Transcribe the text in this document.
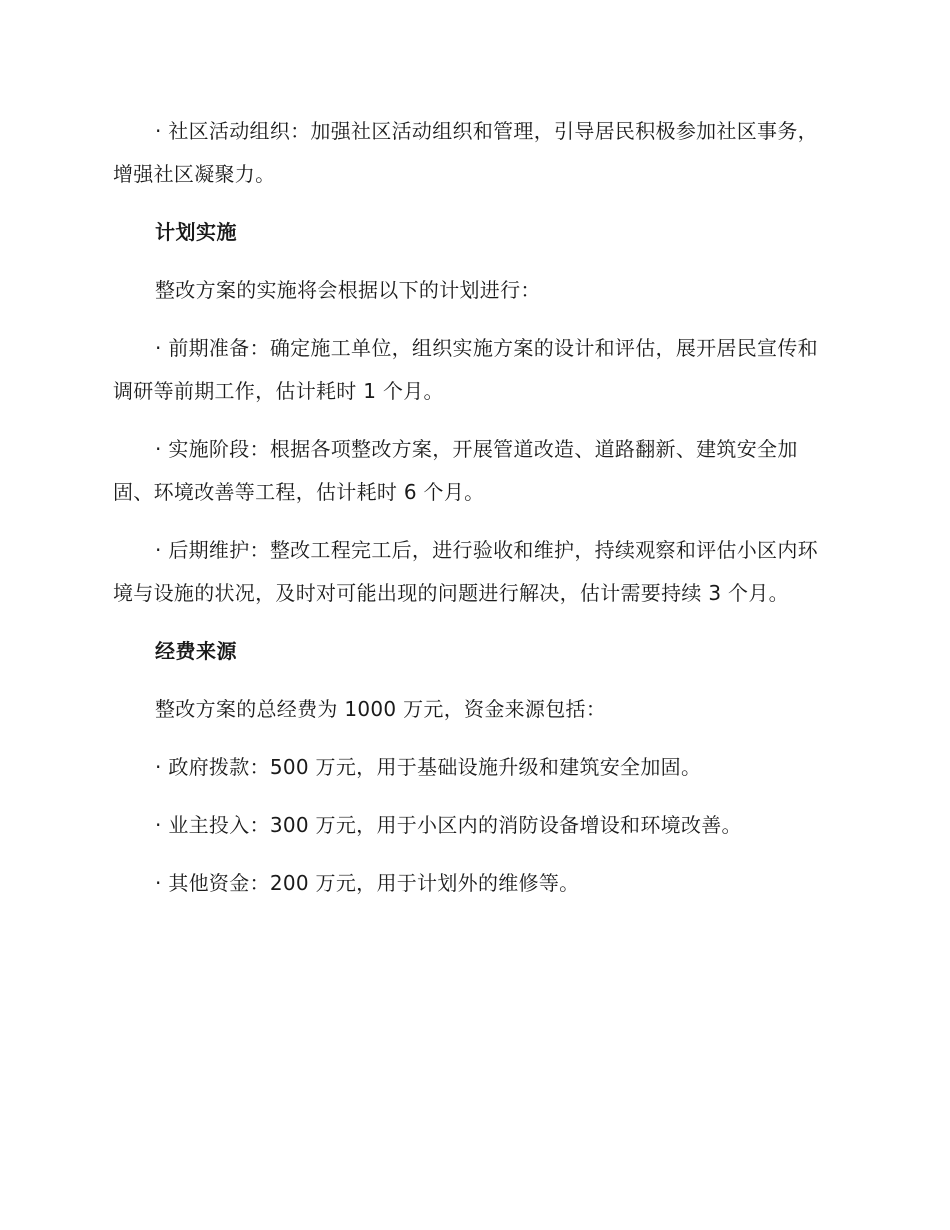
· 社区活动组织：加强社区活动组织和管理，引导居民积极参加社区事务，增强社区凝聚力。

计划实施

整改方案的实施将会根据以下的计划进行：

· 前期准备：确定施工单位，组织实施方案的设计和评估，展开居民宣传和调研等前期工作，估计耗时 1 个月。

· 实施阶段：根据各项整改方案，开展管道改造、道路翻新、建筑安全加固、环境改善等工程，估计耗时 6 个月。

· 后期维护：整改工程完工后，进行验收和维护，持续观察和评估小区内环境与设施的状况，及时对可能出现的问题进行解决，估计需要持续 3 个月。

经费来源

整改方案的总经费为 1000 万元，资金来源包括：

· 政府拨款：500 万元，用于基础设施升级和建筑安全加固。

· 业主投入：300 万元，用于小区内的消防设备增设和环境改善。

· 其他资金：200 万元，用于计划外的维修等。
